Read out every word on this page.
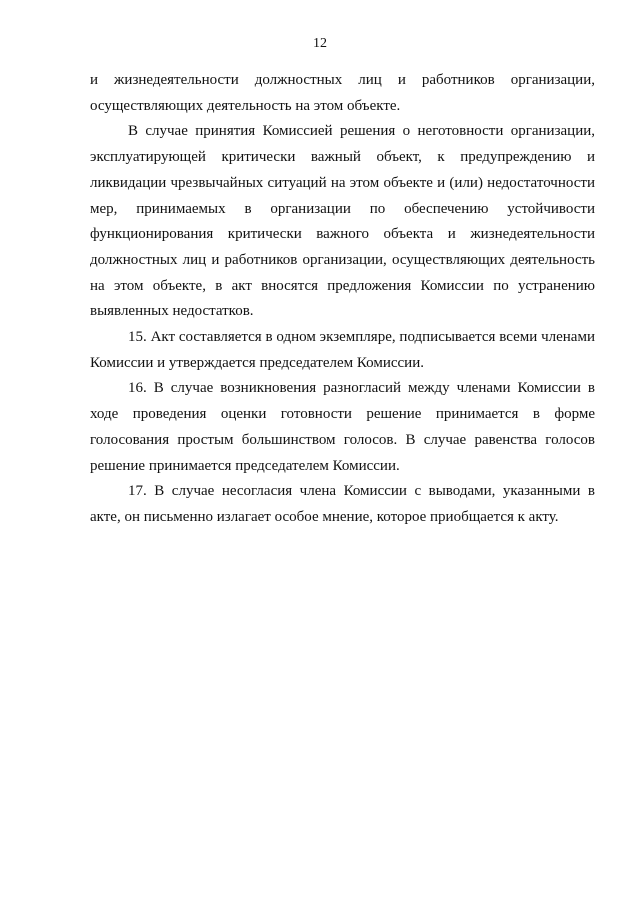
12

и жизнедеятельности должностных лиц и работников организации, осуществляющих деятельность на этом объекте.

В случае принятия Комиссией решения о неготовности организации, эксплуатирующей критически важный объект, к предупреждению и ликвидации чрезвычайных ситуаций на этом объекте и (или) недостаточности мер, принимаемых в организации по обеспечению устойчивости функционирования критически важного объекта и жизнедеятельности должностных лиц и работников организации, осуществляющих деятельность на этом объекте, в акт вносятся предложения Комиссии по устранению выявленных недостатков.

15. Акт составляется в одном экземпляре, подписывается всеми членами Комиссии и утверждается председателем Комиссии.

16. В случае возникновения разногласий между членами Комиссии в ходе проведения оценки готовности решение принимается в форме голосования простым большинством голосов. В случае равенства голосов решение принимается председателем Комиссии.

17. В случае несогласия члена Комиссии с выводами, указанными в акте, он письменно излагает особое мнение, которое приобщается к акту.
